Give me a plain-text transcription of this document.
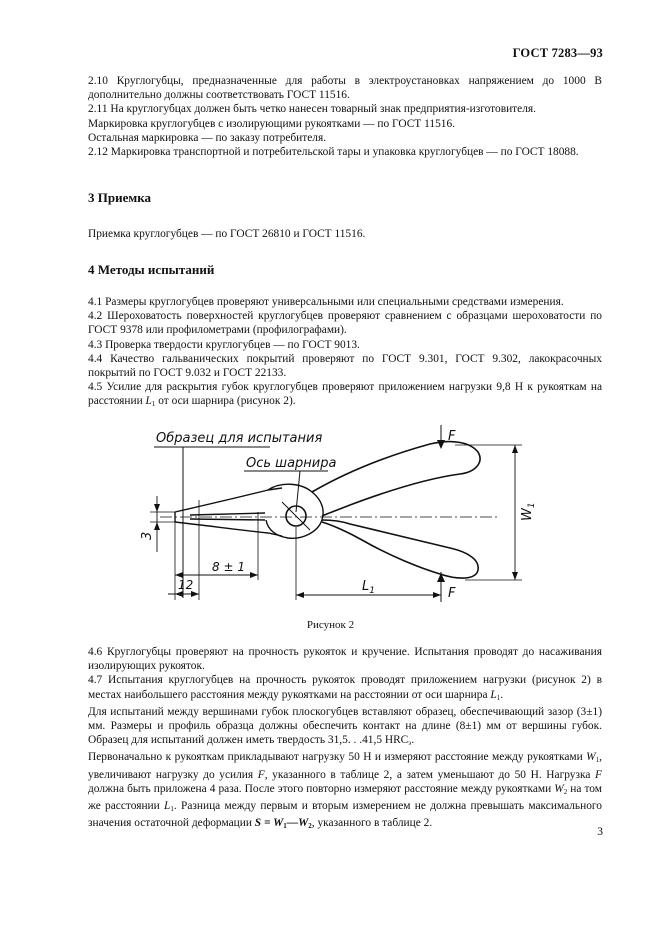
ГОСТ 7283—93

2.10 Круглогубцы, предназначенные для работы в электроустановках напряжением до 1000 В дополнительно должны соответствовать ГОСТ 11516.

2.11 На круглогубцах должен быть четко нанесен товарный знак предприятия-изготовителя.

Маркировка круглогубцев с изолирующими рукоятками — по ГОСТ 11516.

Остальная маркировка — по заказу потребителя.

2.12 Маркировка транспортной и потребительской тары и упаковка круглогубцев — по ГОСТ 18088.

3 Приемка

Приемка круглогубцев — по ГОСТ 26810 и ГОСТ 11516.

4 Методы испытаний

4.1 Размеры круглогубцев проверяют универсальными или специальными средствами измерения.

4.2 Шероховатость поверхностей круглогубцев проверяют сравнением с образцами шероховатости по ГОСТ 9378 или профилометрами (профилографами).

4.3 Проверка твердости круглогубцев — по ГОСТ 9013.

4.4 Качество гальванических покрытий проверяют по ГОСТ 9.301, ГОСТ 9.302, лакокрасочных покрытий по ГОСТ 9.032 и ГОСТ 22133.

4.5 Усилие для раскрытия губок круглогубцев проверяют приложением нагрузки 9,8 Н к рукояткам на расстоянии $L_1$ от оси шарнира (рисунок 2).

Образец для испытания
Ось шарнира
F
F
$W_1$
$L_1$
3
8 ± 1
12
Рисунок 2

4.6 Круглогубцы проверяют на прочность рукояток и кручение. Испытания проводят до насаживания изолирующих рукояток.

4.7 Испытания круглогубцев на прочность рукояток проводят приложением нагрузки (рисунок 2) в местах наибольшего расстояния между рукоятками на расстоянии от оси шарнира $L_1$.

Для испытаний между вершинами губок плоскогубцев вставляют образец, обеспечивающий зазор (3±1) мм. Размеры и профиль образца должны обеспечить контакт на длине (8±1) мм от вершины губок. Образец для испытаний должен иметь твердость 31,5. . .41,5 $HRC_э$.

Первоначально к рукояткам прикладывают нагрузку 50 Н и измеряют расстояние между рукоятками $W_1$, увеличивают нагрузку до усилия F, указанного в таблице 2, а затем уменьшают до 50 Н. Нагрузка F должна быть приложена 4 раза. После этого повторно измеряют расстояние между рукоятками $W_2$ на том же расстоянии $L_1$. Разница между первым и вторым измерением не должна превышать максимального значения остаточной деформации $S = W_1—W_2$, указанного в таблице 2.

3
